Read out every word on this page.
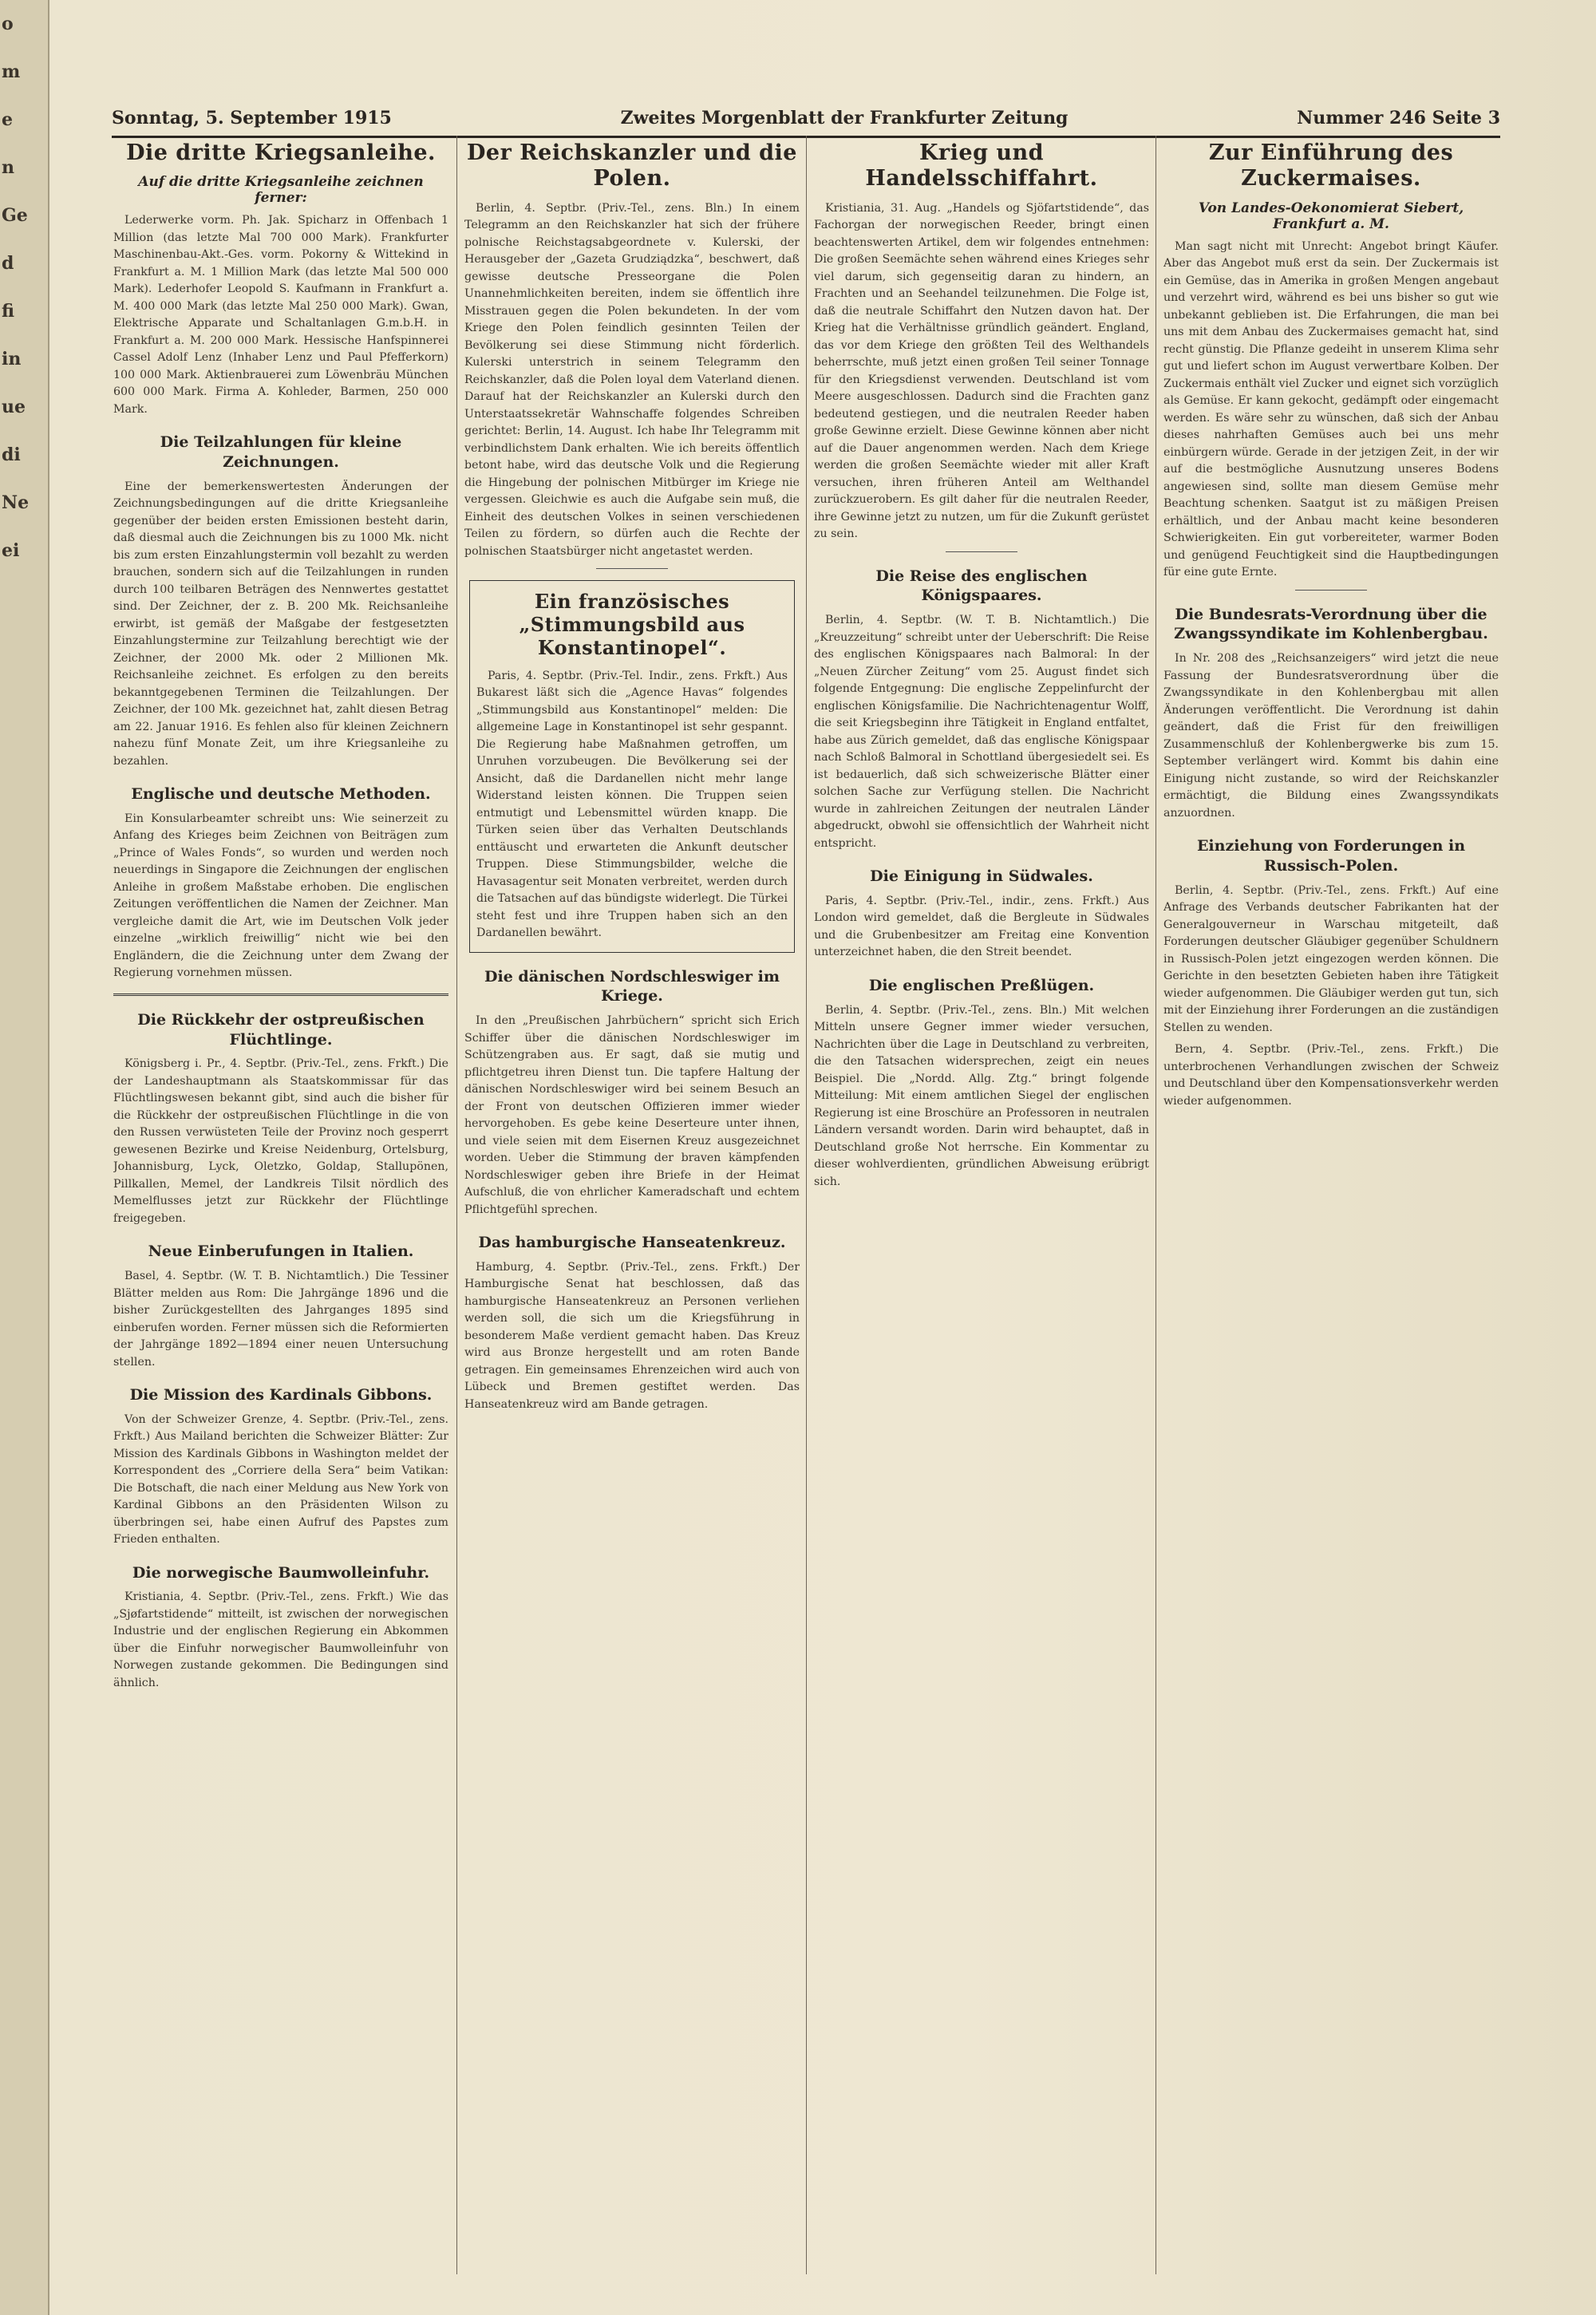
o
m
e
n
Ge
d
fi
in
ue
di
Ne
ei
Sonntag, 5. September 1915	Zweites Morgenblatt der Frankfurter Zeitung	Nummer 246 Seite 3
Die dritte Kriegsanleihe.
Auf die dritte Kriegsanleihe zeichnen ferner:

Lederwerke vorm. Ph. Jak. Spicharz in Offenbach 1 Million (das letzte Mal 700 000 Mark). Frankfurter Maschinenbau-Akt.-Ges. vorm. Pokorny & Wittekind in Frankfurt a. M. 1 Million Mark (das letzte Mal 500 000 Mark). Lederhofer Leopold S. Kaufmann in Frankfurt a. M. 400 000 Mark (das letzte Mal 250 000 Mark). Gwan, Elektrische Apparate und Schaltanlagen G.m.b.H. in Frankfurt a. M. 200 000 Mark. Hessische Hanfspinnerei Cassel Adolf Lenz (Inhaber Lenz und Paul Pfefferkorn) 100 000 Mark. Aktienbrauerei zum Löwenbräu München 600 000 Mark. Firma A. Kohleder, Barmen, 250 000 Mark.

Die Teilzahlungen für kleine Zeichnungen.

Eine der bemerkenswertesten Änderungen der Zeichnungsbedingungen auf die dritte Kriegsanleihe gegenüber der beiden ersten Emissionen besteht darin, daß diesmal auch die Zeichnungen bis zu 1000 Mk. nicht bis zum ersten Einzahlungstermin voll bezahlt zu werden brauchen, sondern sich auf die Teilzahlungen in runden durch 100 teilbaren Beträgen des Nennwertes gestattet sind. Der Zeichner, der z. B. 200 Mk. Reichsanleihe erwirbt, ist gemäß der Maßgabe der festgesetzten Einzahlungstermine zur Teilzahlung berechtigt wie der Zeichner, der 2000 Mk. oder 2 Millionen Mk. Reichsanleihe zeichnet. Es erfolgen zu den bereits bekanntgegebenen Terminen die Teilzahlungen. Der Zeichner, der 100 Mk. gezeichnet hat, zahlt diesen Betrag am 22. Januar 1916. Es fehlen also für kleinen Zeichnern nahezu fünf Monate Zeit, um ihre Kriegsanleihe zu bezahlen.

Englische und deutsche Methoden.

Ein Konsularbeamter schreibt uns: Wie seinerzeit zu Anfang des Krieges beim Zeichnen von Beiträgen zum „Prince of Wales Fonds“, so wurden und werden noch neuerdings in Singapore die Zeichnungen der englischen Anleihe in großem Maßstabe erhoben. Die englischen Zeitungen veröffentlichen die Namen der Zeichner. Man vergleiche damit die Art, wie im Deutschen Volk jeder einzelne „wirklich freiwillig“ nicht wie bei den Engländern, die die Zeichnung unter dem Zwang der Regierung vornehmen müssen.

Die Rückkehr der ostpreußischen Flüchtlinge.

Königsberg i. Pr., 4. Septbr. (Priv.-Tel., zens. Frkft.) Die der Landeshauptmann als Staatskommissar für das Flüchtlingswesen bekannt gibt, sind auch die bisher für die Rückkehr der ostpreußischen Flüchtlinge in die von den Russen verwüsteten Teile der Provinz noch gesperrt gewesenen Bezirke und Kreise Neidenburg, Ortelsburg, Johannisburg, Lyck, Oletzko, Goldap, Stallupönen, Pillkallen, Memel, der Landkreis Tilsit nördlich des Memelflusses jetzt zur Rückkehr der Flüchtlinge freigegeben.

Neue Einberufungen in Italien.

Basel, 4. Septbr. (W. T. B. Nichtamtlich.) Die Tessiner Blätter melden aus Rom: Die Jahrgänge 1896 und die bisher Zurückgestellten des Jahrganges 1895 sind einberufen worden. Ferner müssen sich die Reformierten der Jahrgänge 1892—1894 einer neuen Untersuchung stellen.

Die Mission des Kardinals Gibbons.

Von der Schweizer Grenze, 4. Septbr. (Priv.-Tel., zens. Frkft.) Aus Mailand berichten die Schweizer Blätter: Zur Mission des Kardinals Gibbons in Washington meldet der Korrespondent des „Corriere della Sera“ beim Vatikan: Die Botschaft, die nach einer Meldung aus New York von Kardinal Gibbons an den Präsidenten Wilson zu überbringen sei, habe einen Aufruf des Papstes zum Frieden enthalten.

Die norwegische Baumwolleinfuhr.

Kristiania, 4. Septbr. (Priv.-Tel., zens. Frkft.) Wie das „Sjøfartstidende“ mitteilt, ist zwischen der norwegischen Industrie und der englischen Regierung ein Abkommen über die Einfuhr norwegischer Baumwolleinfuhr von Norwegen zustande gekommen. Die Bedingungen sind ähnlich.

Der Reichskanzler und die Polen.

Berlin, 4. Septbr. (Priv.-Tel., zens. Bln.) In einem Telegramm an den Reichskanzler hat sich der frühere polnische Reichstagsabgeordnete v. Kulerski, der Herausgeber der „Gazeta Grudziądzka“, beschwert, daß gewisse deutsche Presseorgane die Polen Unannehmlichkeiten bereiten, indem sie öffentlich ihre Misstrauen gegen die Polen bekundeten. In der vom Kriege den Polen feindlich gesinnten Teilen der Bevölkerung sei diese Stimmung nicht förderlich. Kulerski unterstrich in seinem Telegramm den Reichskanzler, daß die Polen loyal dem Vaterland dienen. Darauf hat der Reichskanzler an Kulerski durch den Unterstaatssekretär Wahnschaffe folgendes Schreiben gerichtet: Berlin, 14. August. Ich habe Ihr Telegramm mit verbindlichstem Dank erhalten. Wie ich bereits öffentlich betont habe, wird das deutsche Volk und die Regierung die Hingebung der polnischen Mitbürger im Kriege nie vergessen. Gleichwie es auch die Aufgabe sein muß, die Einheit des deutschen Volkes in seinen verschiedenen Teilen zu fördern, so dürfen auch die Rechte der polnischen Staatsbürger nicht angetastet werden.

Ein französisches „Stimmungsbild aus Konstantinopel“.

Paris, 4. Septbr. (Priv.-Tel. Indir., zens. Frkft.) Aus Bukarest läßt sich die „Agence Havas“ folgendes „Stimmungsbild aus Konstantinopel“ melden: Die allgemeine Lage in Konstantinopel ist sehr gespannt. Die Regierung habe Maßnahmen getroffen, um Unruhen vorzubeugen. Die Bevölkerung sei der Ansicht, daß die Dardanellen nicht mehr lange Widerstand leisten können. Die Truppen seien entmutigt und Lebensmittel würden knapp. Die Türken seien über das Verhalten Deutschlands enttäuscht und erwarteten die Ankunft deutscher Truppen. Diese Stimmungsbilder, welche die Havasagentur seit Monaten verbreitet, werden durch die Tatsachen auf das bündigste widerlegt. Die Türkei steht fest und ihre Truppen haben sich an den Dardanellen bewährt.

Die dänischen Nordschleswiger im Kriege.

In den „Preußischen Jahrbüchern“ spricht sich Erich Schiffer über die dänischen Nordschleswiger im Schützengraben aus. Er sagt, daß sie mutig und pflichtgetreu ihren Dienst tun. Die tapfere Haltung der dänischen Nordschleswiger wird bei seinem Besuch an der Front von deutschen Offizieren immer wieder hervorgehoben. Es gebe keine Deserteure unter ihnen, und viele seien mit dem Eisernen Kreuz ausgezeichnet worden. Ueber die Stimmung der braven kämpfenden Nordschleswiger geben ihre Briefe in der Heimat Aufschluß, die von ehrlicher Kameradschaft und echtem Pflichtgefühl sprechen.

Das hamburgische Hanseatenkreuz.

Hamburg, 4. Septbr. (Priv.-Tel., zens. Frkft.) Der Hamburgische Senat hat beschlossen, daß das hamburgische Hanseatenkreuz an Personen verliehen werden soll, die sich um die Kriegsführung in besonderem Maße verdient gemacht haben. Das Kreuz wird aus Bronze hergestellt und am roten Bande getragen. Ein gemeinsames Ehrenzeichen wird auch von Lübeck und Bremen gestiftet werden. Das Hanseatenkreuz wird am Bande getragen.

Krieg und Handelsschiffahrt.

Kristiania, 31. Aug. „Handels og Sjöfartstidende“, das Fachorgan der norwegischen Reeder, bringt einen beachtenswerten Artikel, dem wir folgendes entnehmen: Die großen Seemächte sehen während eines Krieges sehr viel darum, sich gegenseitig daran zu hindern, an Frachten und an Seehandel teilzunehmen. Die Folge ist, daß die neutrale Schiffahrt den Nutzen davon hat. Der Krieg hat die Verhältnisse gründlich geändert. England, das vor dem Kriege den größten Teil des Welthandels beherrschte, muß jetzt einen großen Teil seiner Tonnage für den Kriegsdienst verwenden. Deutschland ist vom Meere ausgeschlossen. Dadurch sind die Frachten ganz bedeutend gestiegen, und die neutralen Reeder haben große Gewinne erzielt. Diese Gewinne können aber nicht auf die Dauer angenommen werden. Nach dem Kriege werden die großen Seemächte wieder mit aller Kraft versuchen, ihren früheren Anteil am Welthandel zurückzuerobern. Es gilt daher für die neutralen Reeder, ihre Gewinne jetzt zu nutzen, um für die Zukunft gerüstet zu sein.

Die Reise des englischen Königspaares.

Berlin, 4. Septbr. (W. T. B. Nichtamtlich.) Die „Kreuzzeitung“ schreibt unter der Ueberschrift: Die Reise des englischen Königspaares nach Balmoral: In der „Neuen Zürcher Zeitung“ vom 25. August findet sich folgende Entgegnung: Die englische Zeppelinfurcht der englischen Königsfamilie. Die Nachrichtenagentur Wolff, die seit Kriegsbeginn ihre Tätigkeit in England entfaltet, habe aus Zürich gemeldet, daß das englische Königspaar nach Schloß Balmoral in Schottland übergesiedelt sei. Es ist bedauerlich, daß sich schweizerische Blätter einer solchen Sache zur Verfügung stellen. Die Nachricht wurde in zahlreichen Zeitungen der neutralen Länder abgedruckt, obwohl sie offensichtlich der Wahrheit nicht entspricht.

Die Einigung in Südwales.

Paris, 4. Septbr. (Priv.-Tel., indir., zens. Frkft.) Aus London wird gemeldet, daß die Bergleute in Südwales und die Grubenbesitzer am Freitag eine Konvention unterzeichnet haben, die den Streit beendet.

Die englischen Preßlügen.

Berlin, 4. Septbr. (Priv.-Tel., zens. Bln.) Mit welchen Mitteln unsere Gegner immer wieder versuchen, Nachrichten über die Lage in Deutschland zu verbreiten, die den Tatsachen widersprechen, zeigt ein neues Beispiel. Die „Nordd. Allg. Ztg.“ bringt folgende Mitteilung: Mit einem amtlichen Siegel der englischen Regierung ist eine Broschüre an Professoren in neutralen Ländern versandt worden. Darin wird behauptet, daß in Deutschland große Not herrsche. Ein Kommentar zu dieser wohlverdienten, gründlichen Abweisung erübrigt sich.

Zur Einführung des Zuckermaises.
Von Landes-Oekonomierat Siebert, Frankfurt a. M.

Man sagt nicht mit Unrecht: Angebot bringt Käufer. Aber das Angebot muß erst da sein. Der Zuckermais ist ein Gemüse, das in Amerika in großen Mengen angebaut und verzehrt wird, während es bei uns bisher so gut wie unbekannt geblieben ist. Die Erfahrungen, die man bei uns mit dem Anbau des Zuckermaises gemacht hat, sind recht günstig. Die Pflanze gedeiht in unserem Klima sehr gut und liefert schon im August verwertbare Kolben. Der Zuckermais enthält viel Zucker und eignet sich vorzüglich als Gemüse. Er kann gekocht, gedämpft oder eingemacht werden. Es wäre sehr zu wünschen, daß sich der Anbau dieses nahrhaften Gemüses auch bei uns mehr einbürgern würde. Gerade in der jetzigen Zeit, in der wir auf die bestmögliche Ausnutzung unseres Bodens angewiesen sind, sollte man diesem Gemüse mehr Beachtung schenken. Saatgut ist zu mäßigen Preisen erhältlich, und der Anbau macht keine besonderen Schwierigkeiten. Ein gut vorbereiteter, warmer Boden und genügend Feuchtigkeit sind die Hauptbedingungen für eine gute Ernte.

Die Bundesrats-Verordnung über die Zwangssyndikate im Kohlenbergbau.

In Nr. 208 des „Reichsanzeigers“ wird jetzt die neue Fassung der Bundesratsverordnung über die Zwangssyndikate in den Kohlenbergbau mit allen Änderungen veröffentlicht. Die Verordnung ist dahin geändert, daß die Frist für den freiwilligen Zusammenschluß der Kohlenbergwerke bis zum 15. September verlängert wird. Kommt bis dahin eine Einigung nicht zustande, so wird der Reichskanzler ermächtigt, die Bildung eines Zwangssyndikats anzuordnen.

Einziehung von Forderungen in Russisch-Polen.

Berlin, 4. Septbr. (Priv.-Tel., zens. Frkft.) Auf eine Anfrage des Verbands deutscher Fabrikanten hat der Generalgouverneur in Warschau mitgeteilt, daß Forderungen deutscher Gläubiger gegenüber Schuldnern in Russisch-Polen jetzt eingezogen werden können. Die Gerichte in den besetzten Gebieten haben ihre Tätigkeit wieder aufgenommen. Die Gläubiger werden gut tun, sich mit der Einziehung ihrer Forderungen an die zuständigen Stellen zu wenden.

Bern, 4. Septbr. (Priv.-Tel., zens. Frkft.) Die unterbrochenen Verhandlungen zwischen der Schweiz und Deutschland über den Kompensationsverkehr werden wieder aufgenommen.
